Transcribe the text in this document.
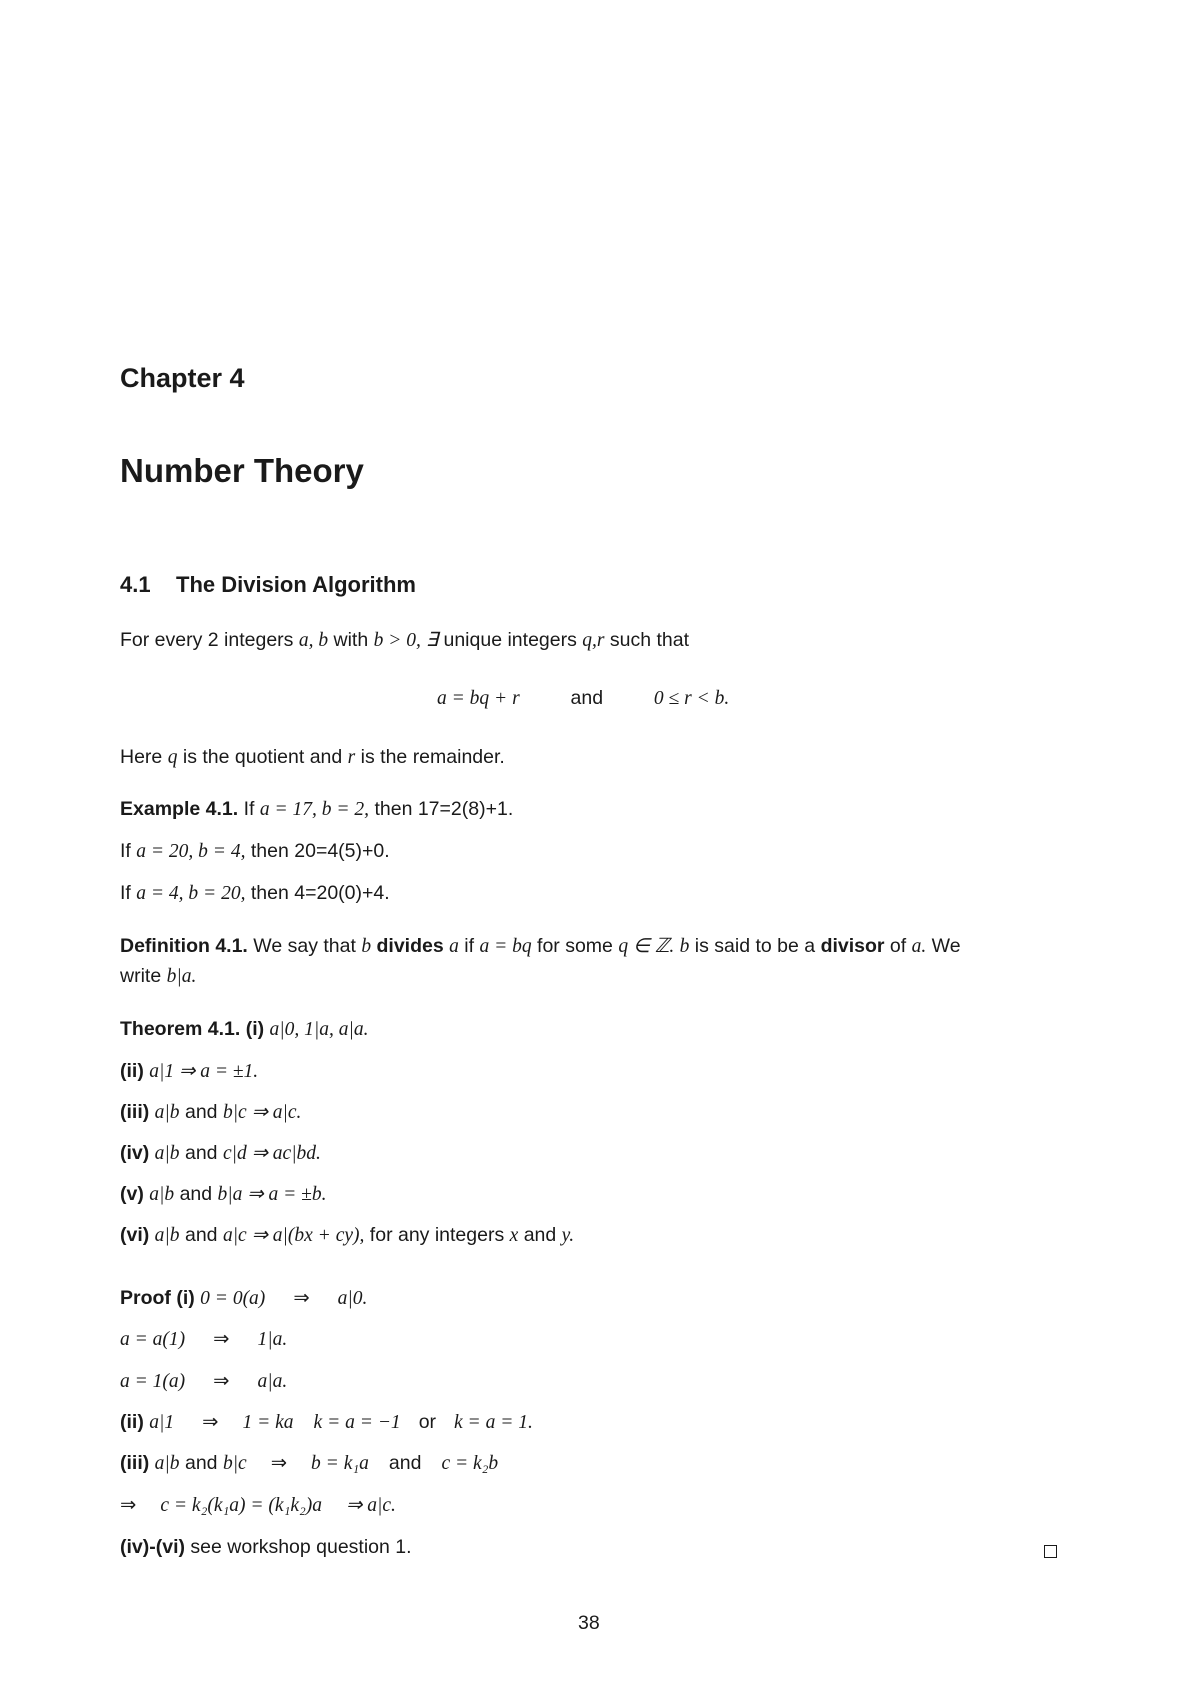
Chapter 4
Number Theory
4.1 The Division Algorithm
For every 2 integers a, b with b > 0, ∃ unique integers q,r such that
a = bq + r	and	0 ≤ r < b.
Here q is the quotient and r is the remainder.
Example 4.1. If a = 17, b = 2, then 17=2(8)+1.
If a = 20, b = 4, then 20=4(5)+0.
If a = 4, b = 20, then 4=20(0)+4.
Definition 4.1. We say that b divides a if a = bq for some q ∈ ℤ. b is said to be a divisor of a. We
write b|a.
Theorem 4.1. (i) a|0, 1|a, a|a.
(ii) a|1 ⇒ a = ±1.
(iii) a|b and b|c ⇒ a|c.
(iv) a|b and c|d ⇒ ac|bd.
(v) a|b and b|a ⇒ a = ±b.
(vi) a|b and a|c ⇒ a|(bx + cy), for any integers x and y.
Proof (i) 0 = 0(a) ⇒ a|0.
a = a(1) ⇒ 1|a.
a = 1(a) ⇒ a|a.
(ii) a|1 ⇒ 1 = ka k = a = −1 or k = a = 1.
(iii) a|b and b|c ⇒ b = k₁a and c = k₂b
⇒ c = k₂(k₁a) = (k₁k₂)a ⇒ a|c.
(iv)-(vi) see workshop question 1.
38
